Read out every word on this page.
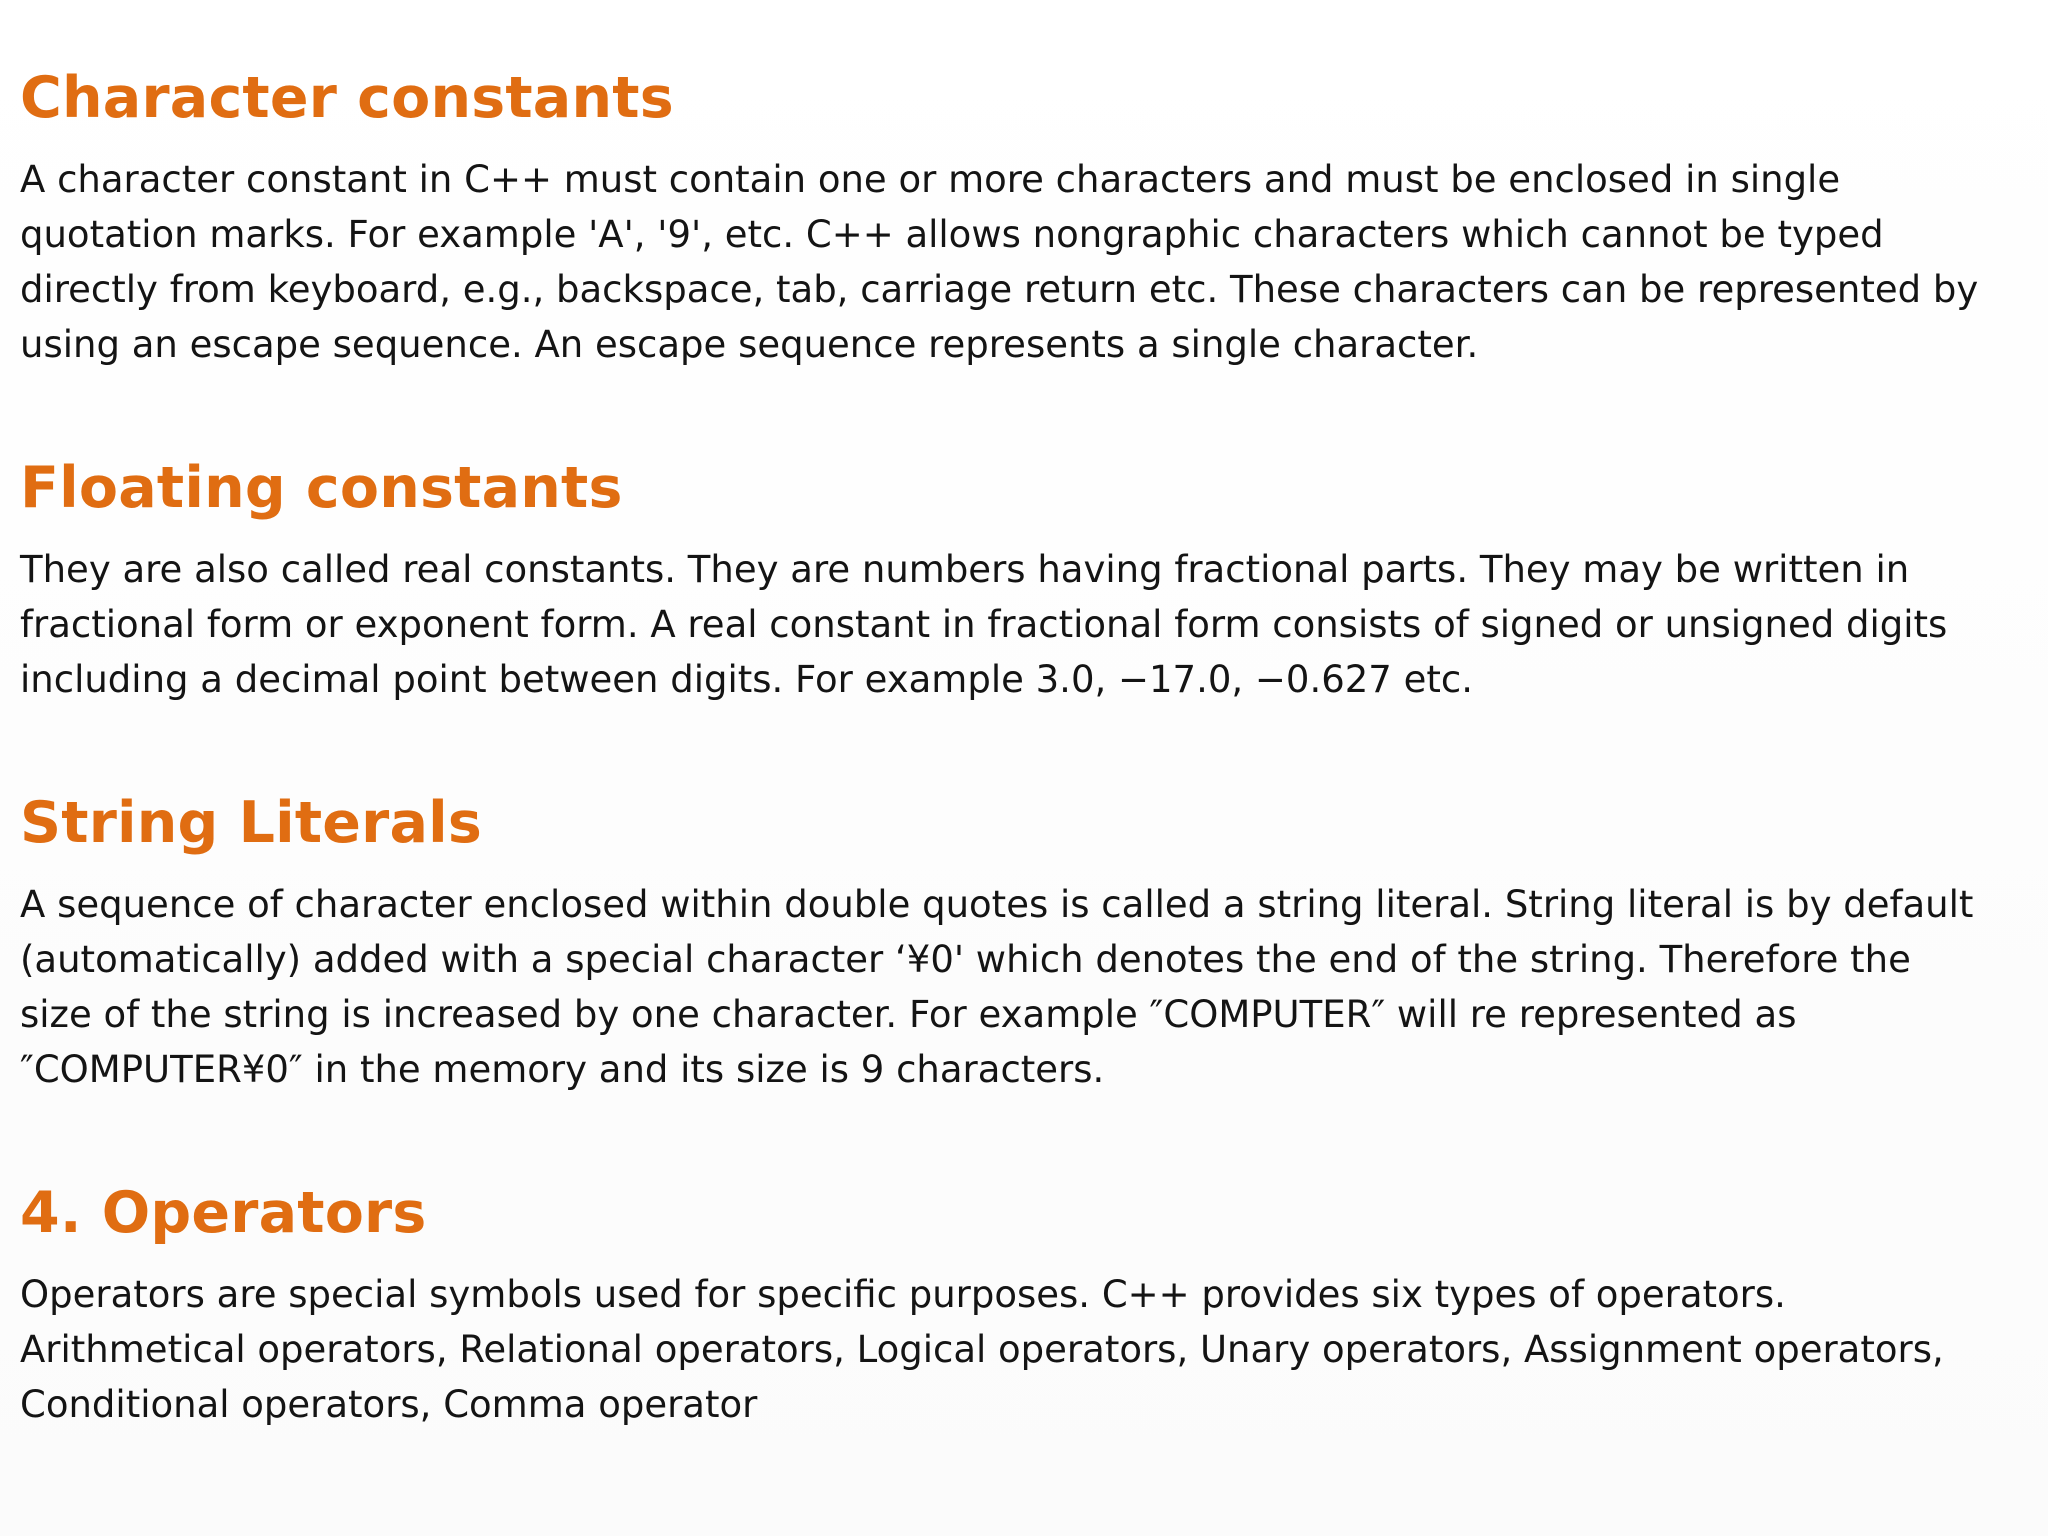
Character constants

A character constant in C++ must contain one or more characters and must be enclosed in single
quotation marks. For example 'A', '9', etc. C++ allows nongraphic characters which cannot be typed
directly from keyboard, e.g., backspace, tab, carriage return etc. These characters can be represented by
using an escape sequence. An escape sequence represents a single character.

Floating constants

They are also called real constants. They are numbers having fractional parts. They may be written in
fractional form or exponent form. A real constant in fractional form consists of signed or unsigned digits
including a decimal point between digits. For example 3.0, −17.0, −0.627 etc.

String Literals

A sequence of character enclosed within double quotes is called a string literal. String literal is by default
(automatically) added with a special character ‘¥0' which denotes the end of the string. Therefore the
size of the string is increased by one character. For example ″COMPUTER″ will re represented as
″COMPUTER¥0″ in the memory and its size is 9 characters.

4. Operators

Operators are special symbols used for specific purposes. C++ provides six types of operators.
Arithmetical operators, Relational operators, Logical operators, Unary operators, Assignment operators,
Conditional operators, Comma operator
